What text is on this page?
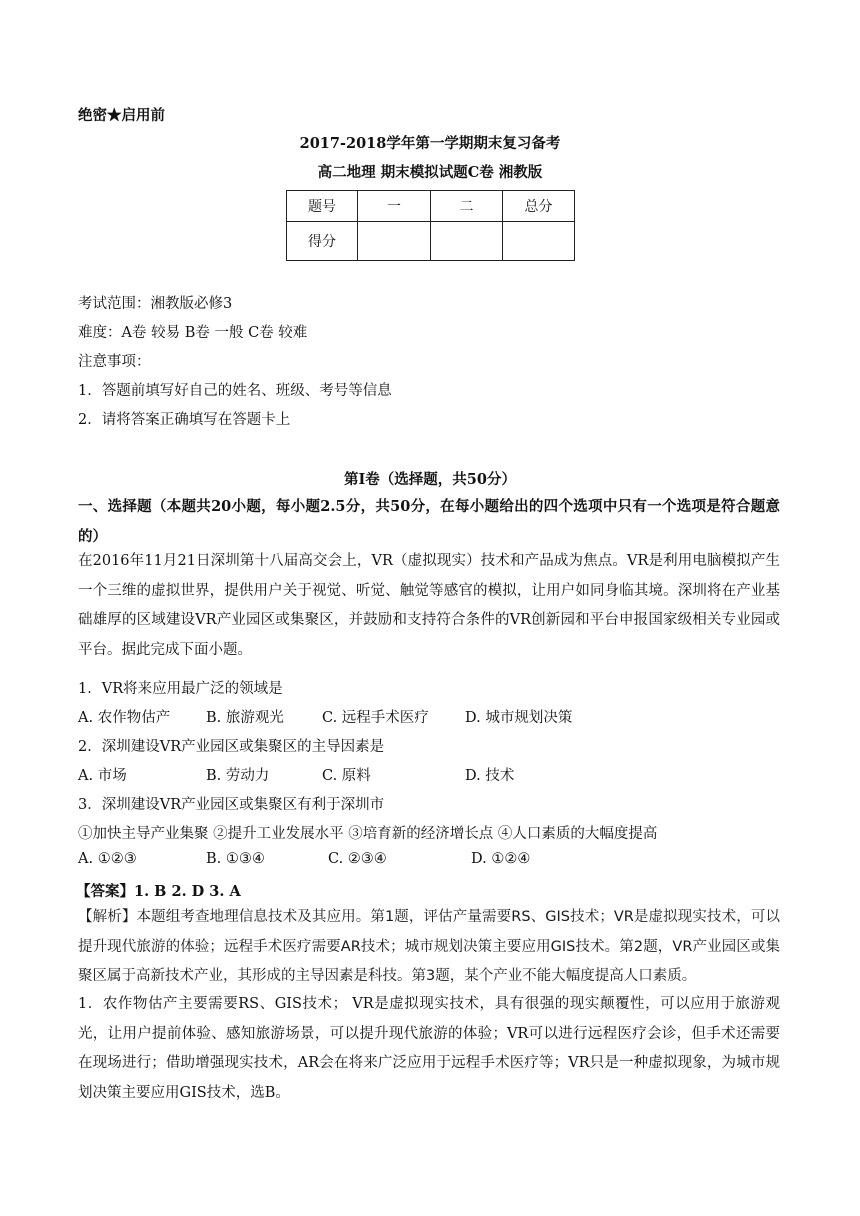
绝密★启用前
2017-2018学年第一学期期末复习备考
高二地理 期末模拟试题C卷 湘教版
题号	一	二	总分
得分			
考试范围：湘教版必修3
难度：A卷 较易 B卷 一般 C卷 较难
注意事项：
1．答题前填写好自己的姓名、班级、考号等信息
2．请将答案正确填写在答题卡上
第Ⅰ卷（选择题，共50分）
一、选择题（本题共20小题，每小题2.5分，共50分，在每小题给出的四个选项中只有一个选项是符合题意的）
在2016年11月21日深圳第十八届高交会上，VR（虚拟现实）技术和产品成为焦点。VR是利用电脑模拟产生一个三维的虚拟世界，提供用户关于视觉、听觉、触觉等感官的模拟，让用户如同身临其境。深圳将在产业基础雄厚的区域建设VR产业园区或集聚区，并鼓励和支持符合条件的VR创新园和平台申报国家级相关专业园或平台。据此完成下面小题。
1．VR将来应用最广泛的领域是
A. 农作物估产 B. 旅游观光	C. 远程手术医疗 D. 城市规划决策
2．深圳建设VR产业园区或集聚区的主导因素是
A. 市场	B. 劳动力	C. 原料	D. 技术
3．深圳建设VR产业园区或集聚区有利于深圳市
①加快主导产业集聚 ②提升工业发展水平 ③培育新的经济增长点 ④人口素质的大幅度提高
A. ①②③	B. ①③④	C. ②③④	D. ①②④
【答案】1. B 2. D 3. A
【解析】本题组考查地理信息技术及其应用。第1题，评估产量需要RS、GIS技术；VR是虚拟现实技术，可以提升现代旅游的体验；远程手术医疗需要AR技术；城市规划决策主要应用GIS技术。第2题，VR产业园区或集聚区属于高新技术产业，其形成的主导因素是科技。第3题，某个产业不能大幅度提高人口素质。
1．农作物估产主要需要RS、GIS技术； VR是虚拟现实技术，具有很强的现实颠覆性，可以应用于旅游观光，让用户提前体验、感知旅游场景，可以提升现代旅游的体验；VR可以进行远程医疗会诊，但手术还需要在现场进行；借助增强现实技术，AR会在将来广泛应用于远程手术医疗等；VR只是一种虚拟现象，为城市规划决策主要应用GIS技术，选B。
